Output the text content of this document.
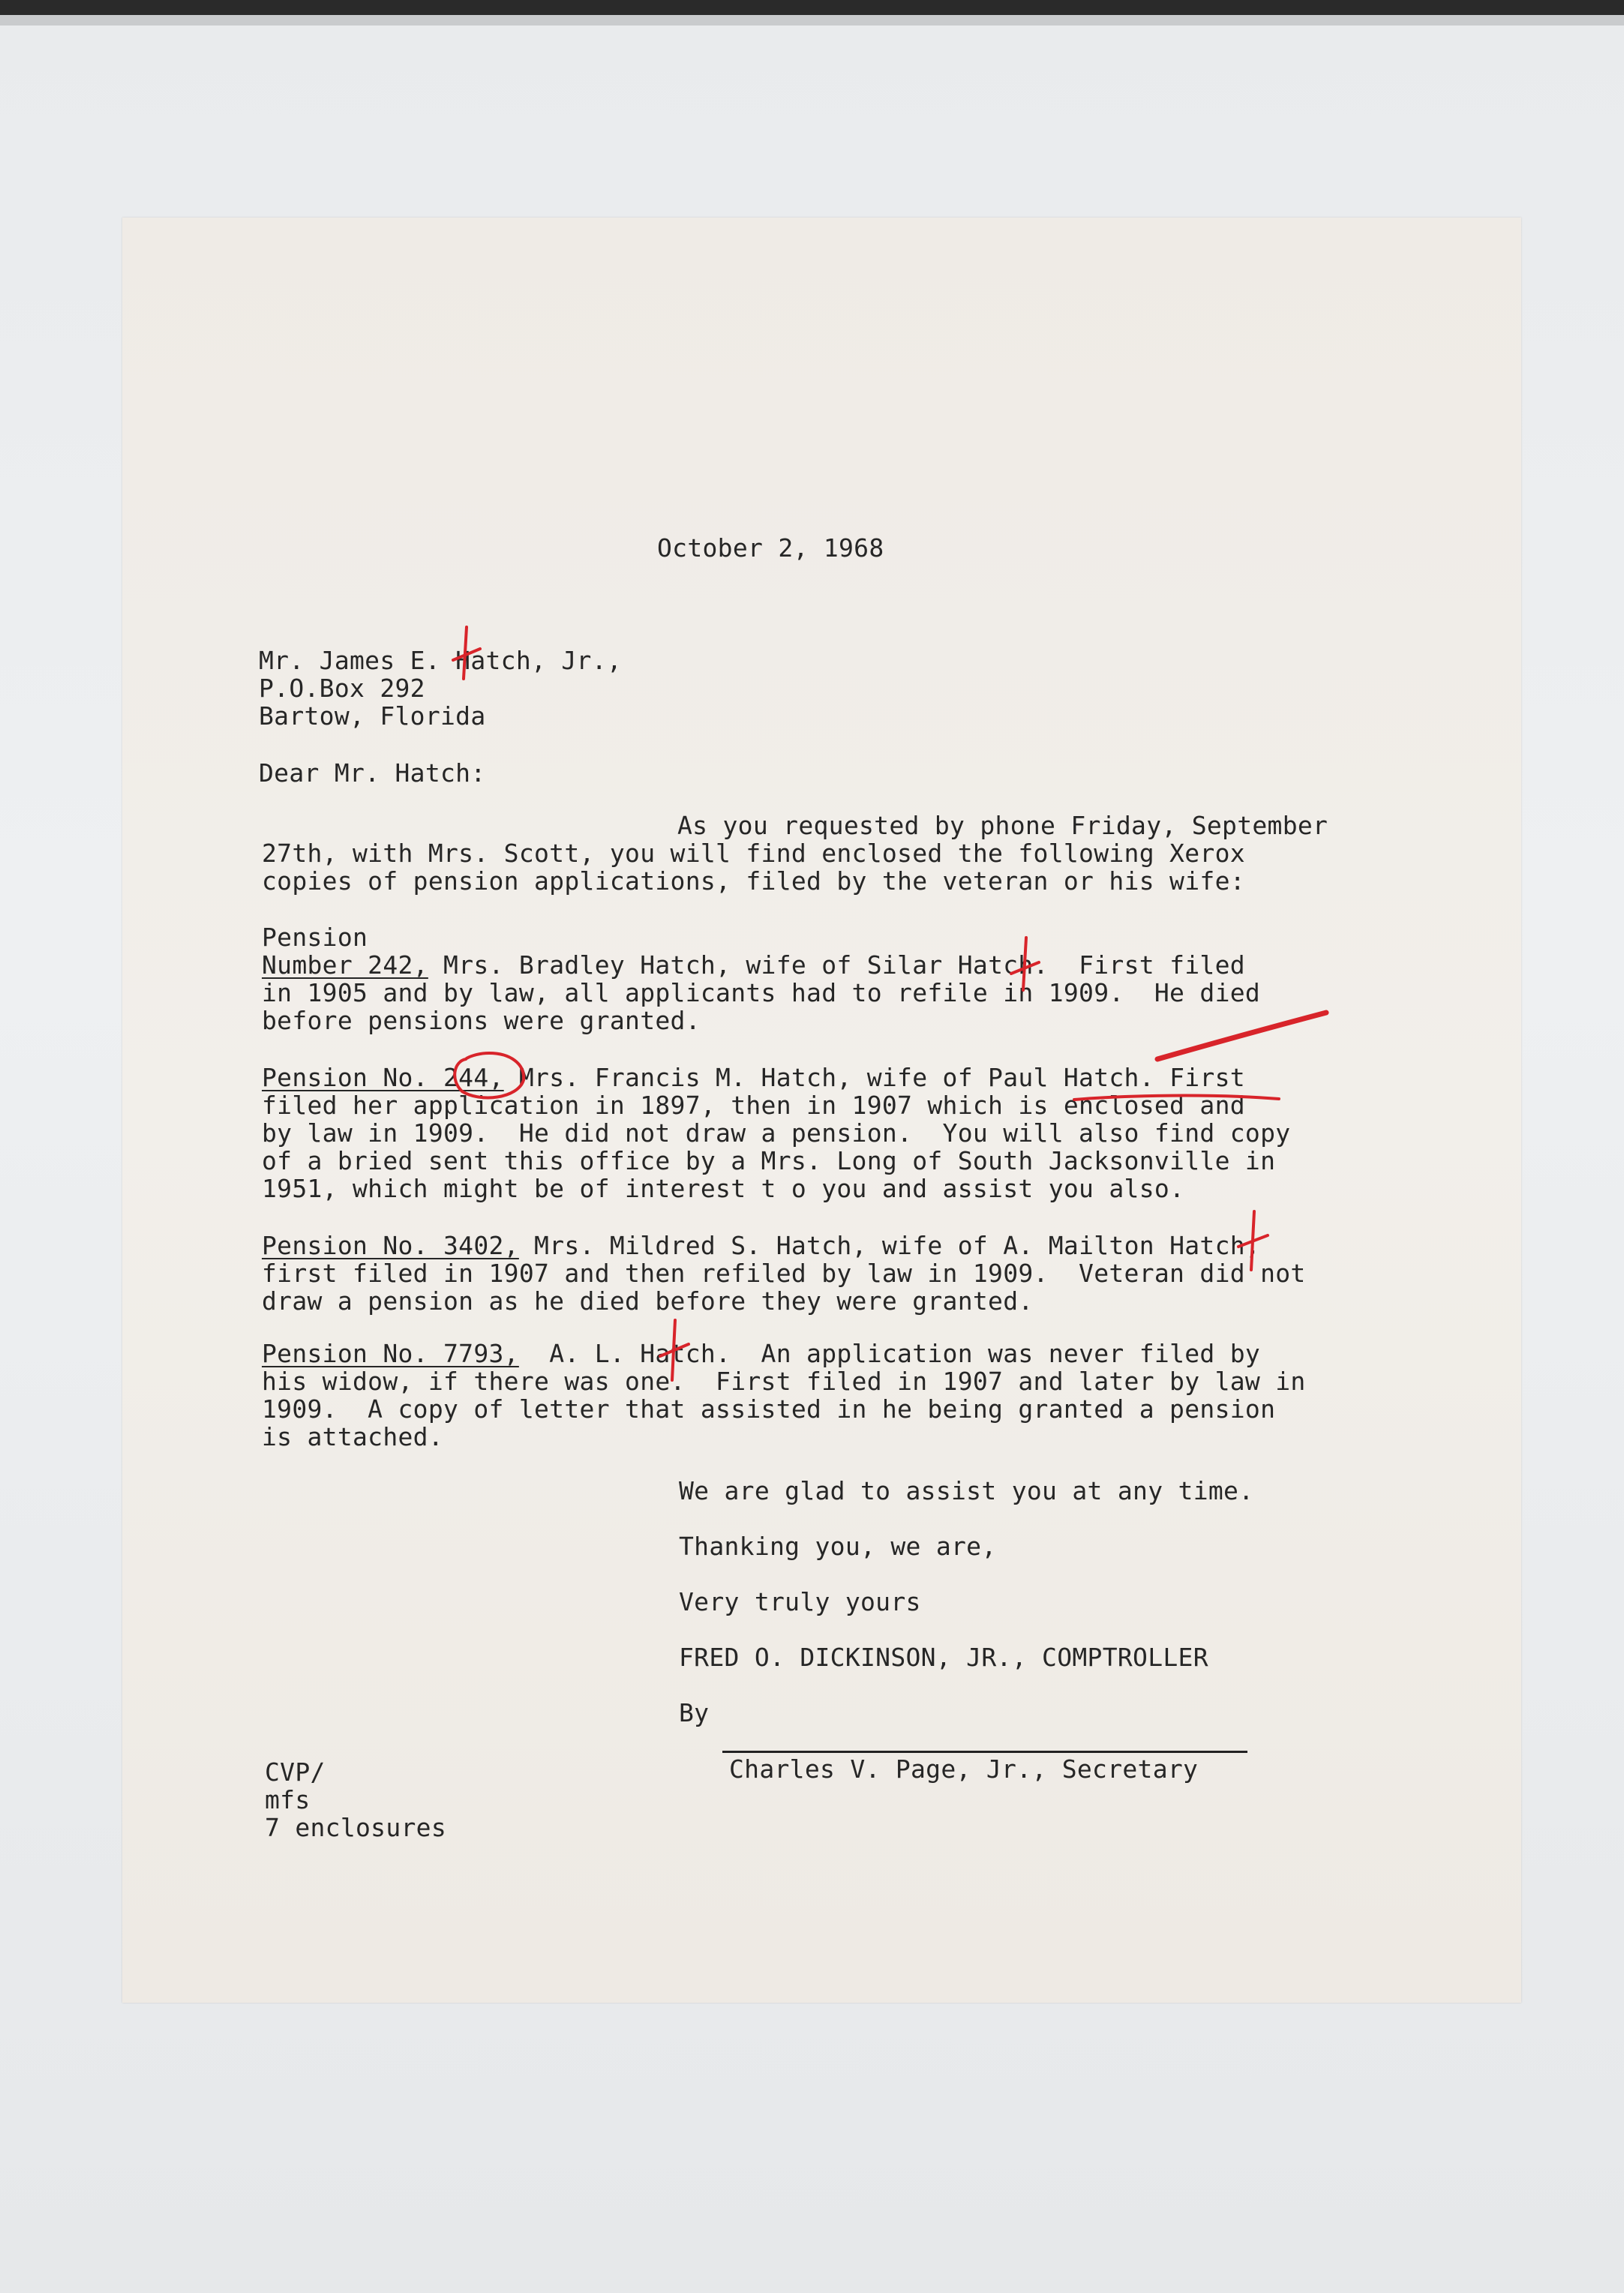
October 2, 1968
Mr. James E. Hatch, Jr.,
P.O.Box 292
Bartow, Florida
Dear Mr. Hatch:
As you requested by phone Friday, September
27th, with Mrs. Scott, you will find enclosed the following Xerox
copies of pension applications, filed by the veteran or his wife:
Pension
Number 242, Mrs. Bradley Hatch, wife of Silar Hatch.  First filed
in 1905 and by law, all applicants had to refile in 1909.  He died
before pensions were granted.
Pension No. 244, Mrs. Francis M. Hatch, wife of Paul Hatch. First
filed her application in 1897, then in 1907 which is enclosed and
by law in 1909.  He did not draw a pension.  You will also find copy
of a bried sent this office by a Mrs. Long of South Jacksonville in
1951, which might be of interest t o you and assist you also.
Pension No. 3402, Mrs. Mildred S. Hatch, wife of A. Mailton Hatch,
first filed in 1907 and then refiled by law in 1909.  Veteran did not
draw a pension as he died before they were granted.
Pension No. 7793,  A. L. Hatch.  An application was never filed by
his widow, if there was one.  First filed in 1907 and later by law in
1909.  A copy of letter that assisted in he being granted a pension
is attached.
We are glad to assist you at any time.
Thanking you, we are,
Very truly yours
FRED O. DICKINSON, JR., COMPTROLLER
By
Charles V. Page, Jr., Secretary
CVP/
mfs
7 enclosures
